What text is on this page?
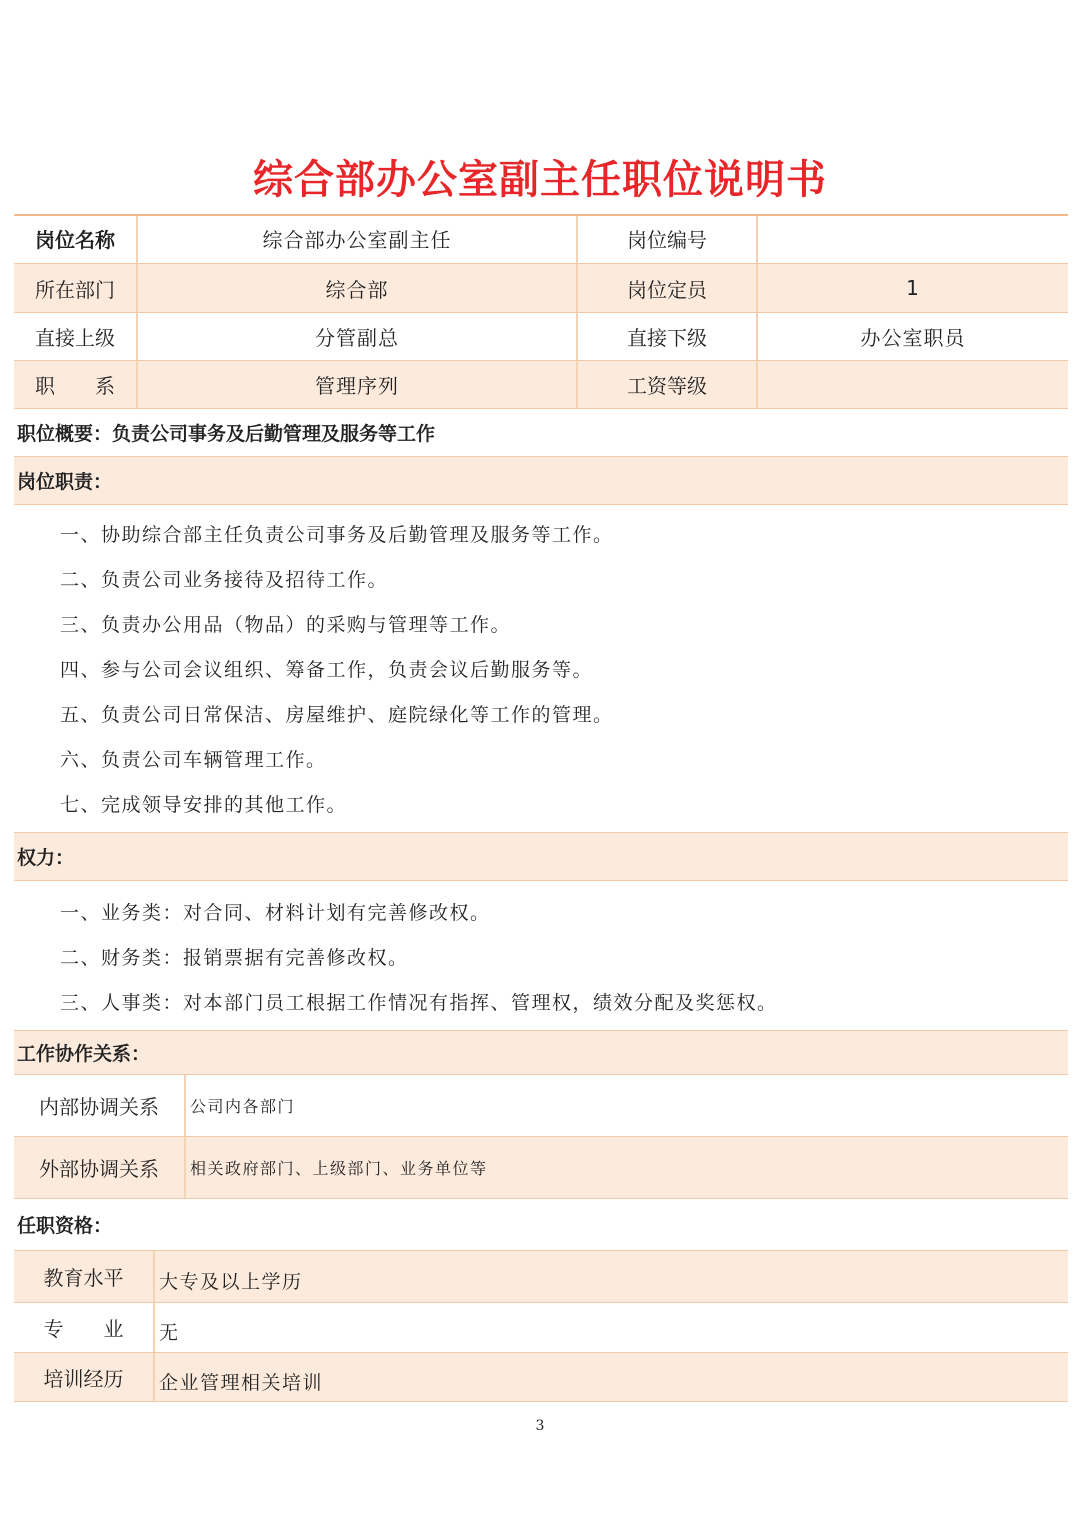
综合部办公室副主任职位说明书
岗位名称	综合部办公室副主任	岗位编号
所在部门	综合部	岗位定员	1
直接上级	分管副总	直接下级	办公室职员
职　　系	管理序列	工资等级
职位概要：负责公司事务及后勤管理及服务等工作
岗位职责：
一、协助综合部主任负责公司事务及后勤管理及服务等工作。
二、负责公司业务接待及招待工作。
三、负责办公用品（物品）的采购与管理等工作。
四、参与公司会议组织、筹备工作，负责会议后勤服务等。
五、负责公司日常保洁、房屋维护、庭院绿化等工作的管理。
六、负责公司车辆管理工作。
七、完成领导安排的其他工作。
权力：
一、业务类：对合同、材料计划有完善修改权。
二、财务类：报销票据有完善修改权。
三、人事类：对本部门员工根据工作情况有指挥、管理权，绩效分配及奖惩权。
工作协作关系：
内部协调关系	公司内各部门
外部协调关系	相关政府部门、上级部门、业务单位等
任职资格：
教育水平	大专及以上学历
专　　业	无
培训经历	企业管理相关培训
3
